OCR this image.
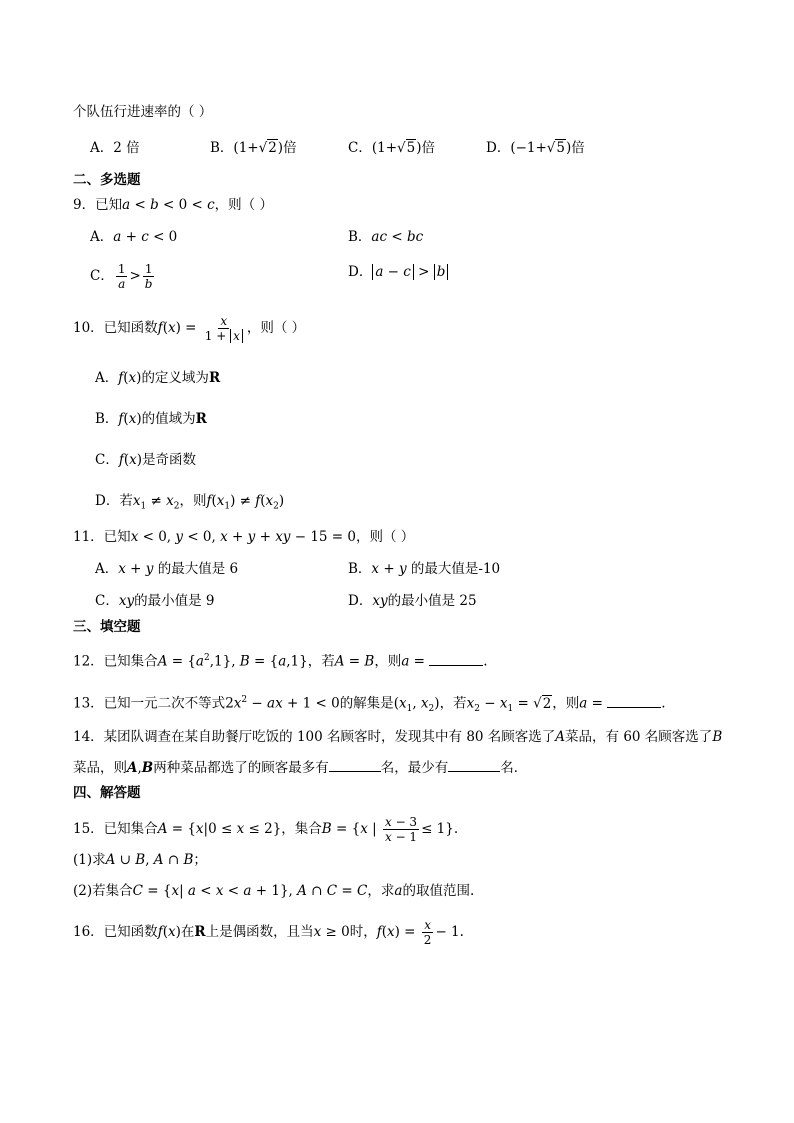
个队伍行进速率的（ ）
A．2 倍	B．(1+√2)倍	C．(1+√5)倍	D．(−1+√5)倍
二、多选题
9．已知a < b < 0 < c，则（ ）
A．a + c < 0	B．ac < bc
C． $\frac{1}{a} > \frac{1}{b}$	D． a − c > b
10．已知函数$f(x) = \frac{x}{1 + x}$ ，则（ ）
A．f(x)的定义域为R
B．f(x)的值域为R
C．f(x)是奇函数
D．若$x_1 \ne x_2$，则$f(x_1) \ne f(x_2)$
11．已知x < 0, y < 0, x + y + xy − 15 = 0，则（ ）
A．x + y 的最大值是 6	B．x + y 的最大值是-10
C．xy的最小值是 9	D．xy的最小值是 25
三、填空题
12．已知集合$A = \{a^2,1\}$, B = {a,1}，若A = B，则a =	.
13．已知一元二次不等式$2x^2$ − ax + 1 < 0的解集是($x_1$, $x_2$)，若$x_2 - x_1 = √2$，则a =	.
14．某团队调查在某自助餐厅吃饭的 100 名顾客时，发现其中有 80 名顾客选了A菜品，有 60 名顾客选了B
菜品，则A,B两种菜品都选了的顾客最多有	名，最少有	名．
四、解答题
15．已知集合A = {x|0 ≤ x ≤ 2}，集合B = {x | $\frac{x - 3}{x - 1} \le 1$}.
(1)求A ∪ B, A ∩ B；
(2)若集合C = {x| a < x < a + 1}, A ∩ C = C，求a的取值范围.
16．已知函数f(x)在R上是偶函数，且当x ≥ 0时，$f(x) = \frac{x}{2} - 1$.
